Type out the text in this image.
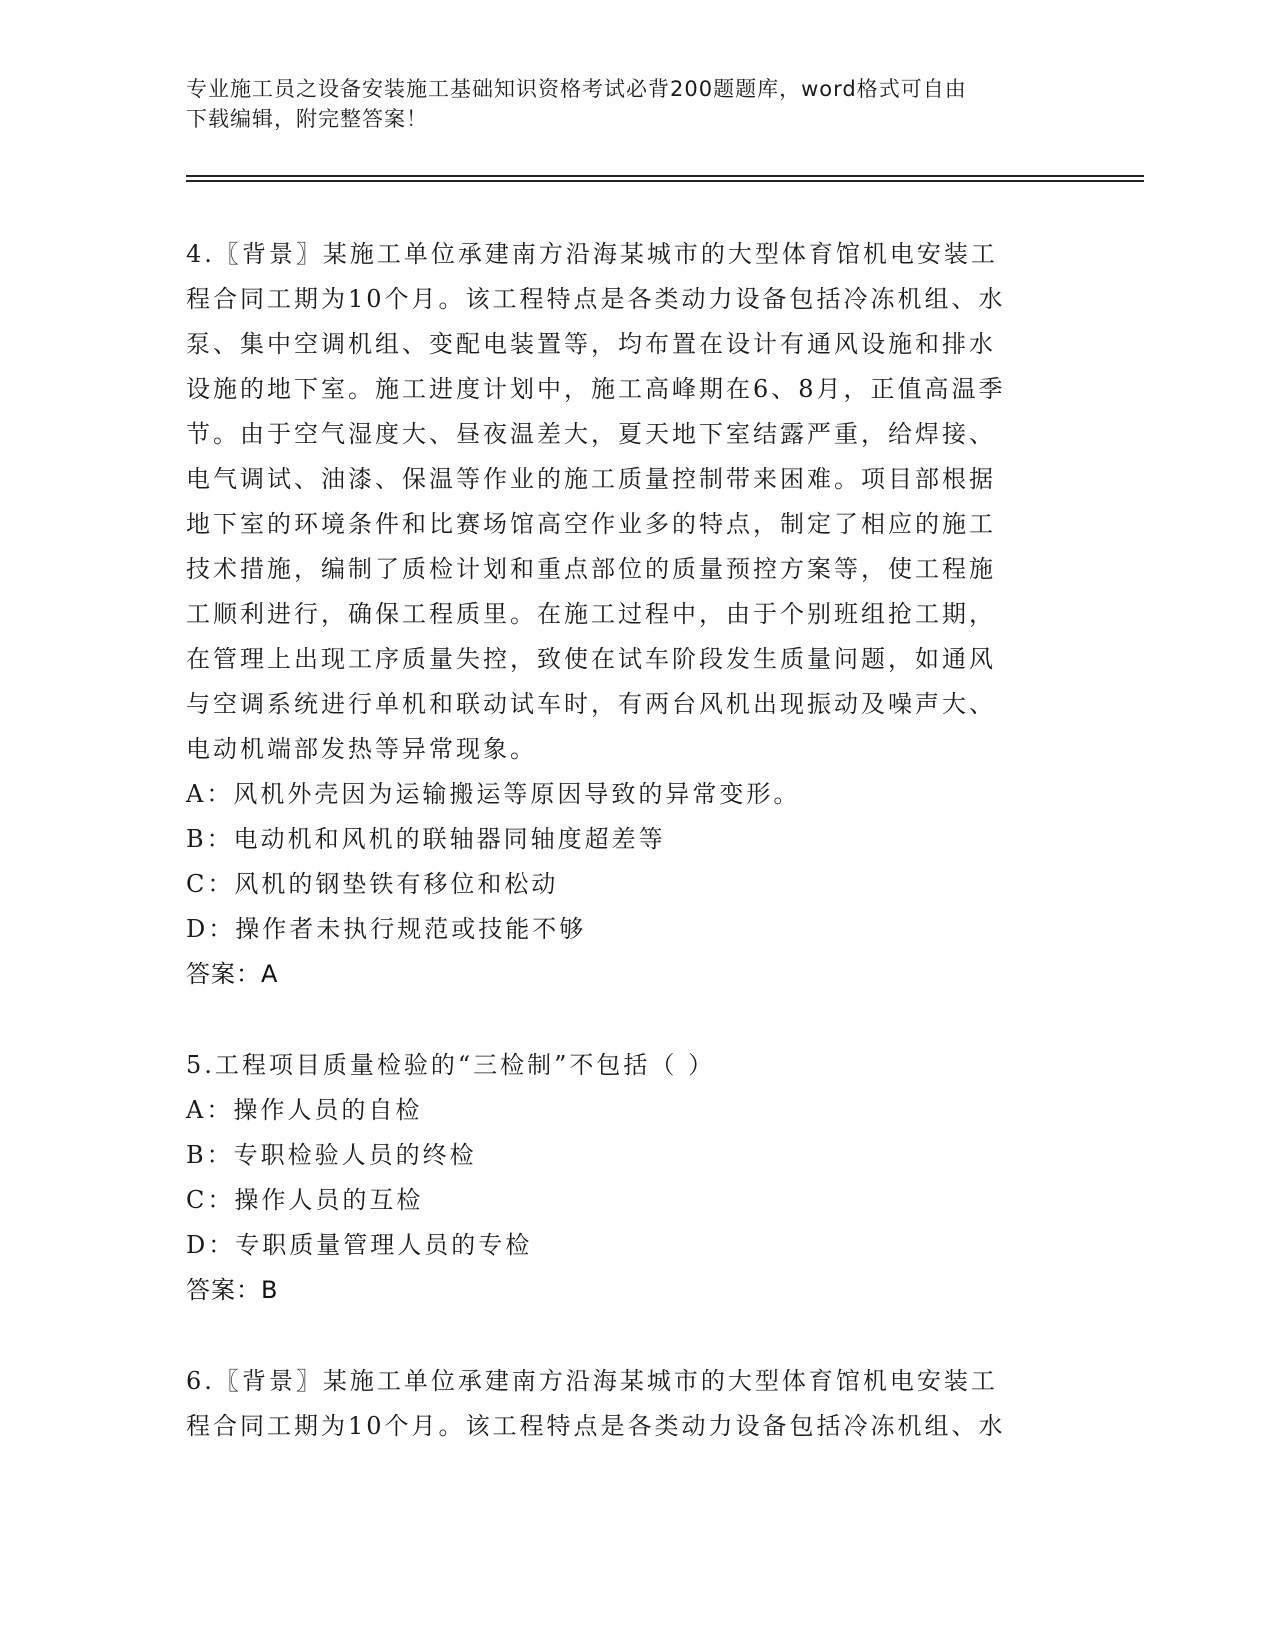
专业施工员之设备安装施工基础知识资格考试必背200题题库，word格式可自由
下载编辑，附完整答案！
4.〖背景〗某施工单位承建南方沿海某城市的大型体育馆机电安装工
程合同工期为10个月。该工程特点是各类动力设备包括冷冻机组、水
泵、集中空调机组、变配电装置等，均布置在设计有通风设施和排水
设施的地下室。施工进度计划中，施工高峰期在6、8月，正值高温季
节。由于空气湿度大、昼夜温差大，夏天地下室结露严重，给焊接、
电气调试、油漆、保温等作业的施工质量控制带来困难。项目部根据
地下室的环境条件和比赛场馆高空作业多的特点，制定了相应的施工
技术措施，编制了质检计划和重点部位的质量预控方案等，使工程施
工顺利进行，确保工程质里。在施工过程中，由于个别班组抢工期，
在管理上出现工序质量失控，致使在试车阶段发生质量问题，如通风
与空调系统进行单机和联动试车时，有两台风机出现振动及噪声大、
电动机端部发热等异常现象。
A：风机外壳因为运输搬运等原因导致的异常变形。
B：电动机和风机的联轴器同轴度超差等
C：风机的钢垫铁有移位和松动
D：操作者未执行规范或技能不够
答案：A
5.工程项目质量检验的“三检制”不包括（ ）
A：操作人员的自检
B：专职检验人员的终检
C：操作人员的互检
D：专职质量管理人员的专检
答案：B
6.〖背景〗某施工单位承建南方沿海某城市的大型体育馆机电安装工
程合同工期为10个月。该工程特点是各类动力设备包括冷冻机组、水
